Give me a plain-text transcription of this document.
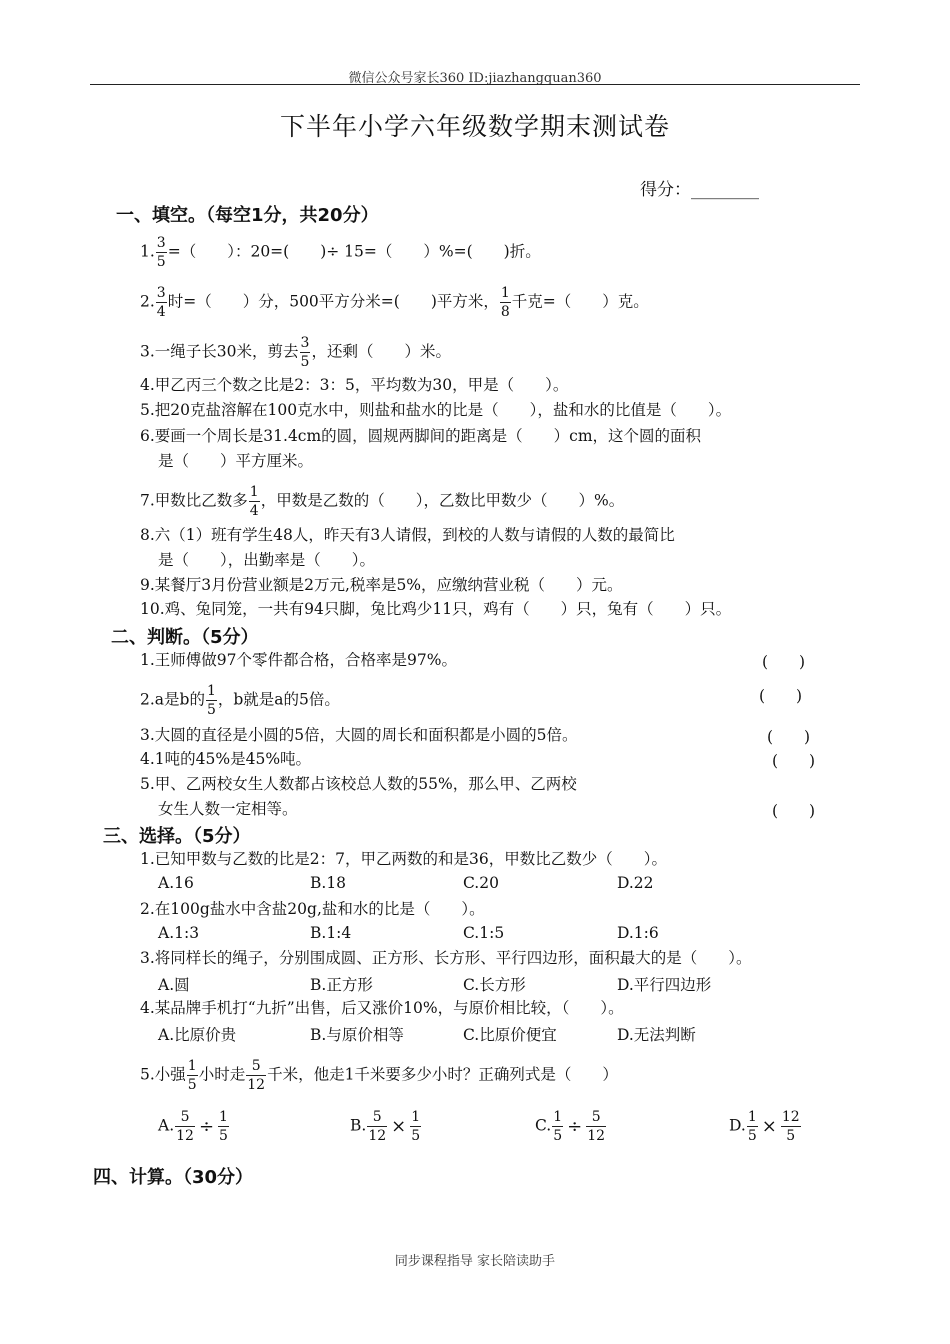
微信公众号家长360 ID:jiazhangquan360
下半年小学六年级数学期末测试卷
得分：________
一、填空。（每空1分，共20分）
1. $\frac{3}{5}$ =（　　）：20=(　　)÷ 15=（　　）%=(　　)折。
2. $\frac{3}{4}$ 时=（　　）分，500平方分米=(　　)平方米， $\frac{1}{8}$ 千克=（　　）克。
3.一绳子长30米，剪去 $\frac{3}{5}$ ，还剩（　　）米。
4.甲乙丙三个数之比是2：3：5，平均数为30，甲是（　　）。
5.把20克盐溶解在100克水中，则盐和盐水的比是（　　），盐和水的比值是（　　）。
6.要画一个周长是31.4cm的圆，圆规两脚间的距离是（　　）cm，这个圆的面积
是（　　）平方厘米。
7.甲数比乙数多 $\frac{1}{4}$ ，甲数是乙数的（　　），乙数比甲数少（　　）%。
8.六（1）班有学生48人，昨天有3人请假，到校的人数与请假的人数的最简比
是（　　），出勤率是（　　）。
9.某餐厅3月份营业额是2万元,税率是5%，应缴纳营业税（　　）元。
10.鸡、兔同笼，一共有94只脚，兔比鸡少11只，鸡有（　　）只，兔有（　　）只。
二、判断。（5分）
1.王师傅做97个零件都合格，合格率是97%。	(　　)
2.a是b的 $\frac{1}{5}$ ，b就是a的5倍。	(　　)
3.大圆的直径是小圆的5倍，大圆的周长和面积都是小圆的5倍。	(　　)
4.1吨的45%是45%吨。	(　　)
5.甲、乙两校女生人数都占该校总人数的55%，那么甲、乙两校
女生人数一定相等。	(　　)
三、选择。（5分）
1.已知甲数与乙数的比是2：7，甲乙两数的和是36，甲数比乙数少（　　）。
A.16	B.18	C.20	D.22
2.在100g盐水中含盐20g,盐和水的比是（　　）。
A.1:3	B.1:4	C.1:5	D.1:6
3.将同样长的绳子，分别围成圆、正方形、长方形、平行四边形，面积最大的是（　　）。
A.圆	B.正方形	C.长方形	D.平行四边形
4.某品牌手机打“九折”出售，后又涨价10%，与原价相比较，（　　）。
A.比原价贵	B.与原价相等	C.比原价便宜	D.无法判断
5.小强 $\frac{1}{5}$ 小时走 $\frac{5}{12}$ 千米，他走1千米要多少小时？正确列式是（　　）
A. $\frac{5}{12} \div \frac{1}{5}$	B. $\frac{5}{12} \times \frac{1}{5}$	C. $\frac{1}{5} \div \frac{5}{12}$	D. $\frac{1}{5} \times \frac{12}{5}$
四、计算。（30分）
同步课程指导 家长陪读助手
